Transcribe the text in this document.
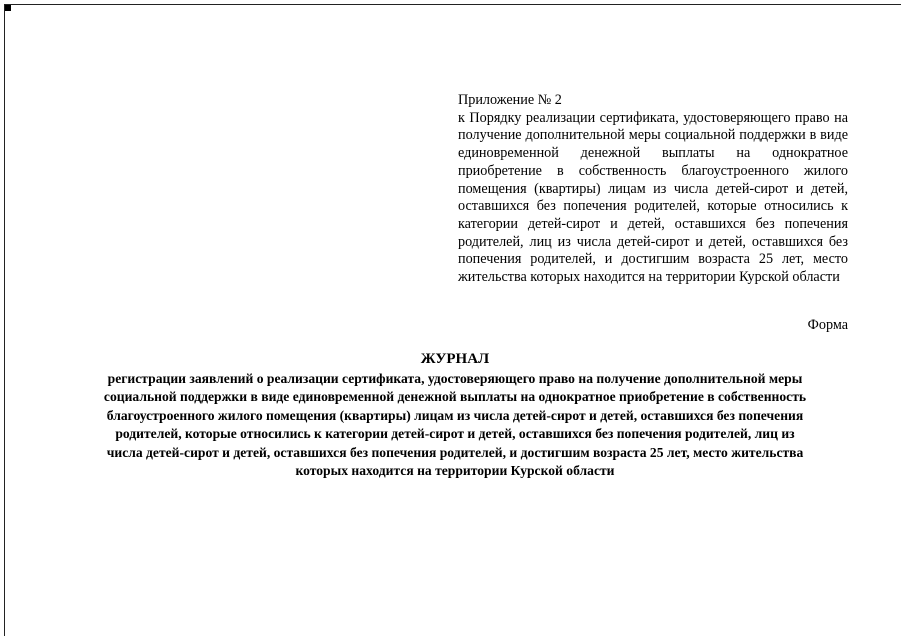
Приложение № 2
к Порядку реализации сертификата, удостоверяющего право на получение дополнительной меры социальной поддержки в виде единовременной денежной выплаты на однократное приобретение в собственность благоустроенного жилого помещения (квартиры) лицам из числа детей-сирот и детей, оставшихся без попечения родителей, которые относились к категории детей-сирот и детей, оставшихся без попечения родителей, лиц из числа детей-сирот и детей, оставшихся без попечения родителей, и достигшим возраста 25 лет, место жительства которых находится на территории Курской области
Форма
ЖУРНАЛ
регистрации заявлений о реализации сертификата, удостоверяющего право на получение дополнительной меры
социальной поддержки в виде единовременной денежной выплаты на однократное приобретение в собственность
благоустроенного жилого помещения (квартиры) лицам из числа детей-сирот и детей, оставшихся без попечения
родителей, которые относились к категории детей-сирот и детей, оставшихся без попечения родителей, лиц из
числа детей-сирот и детей, оставшихся без попечения родителей, и достигшим возраста 25 лет, место жительства
которых находится на территории Курской области
